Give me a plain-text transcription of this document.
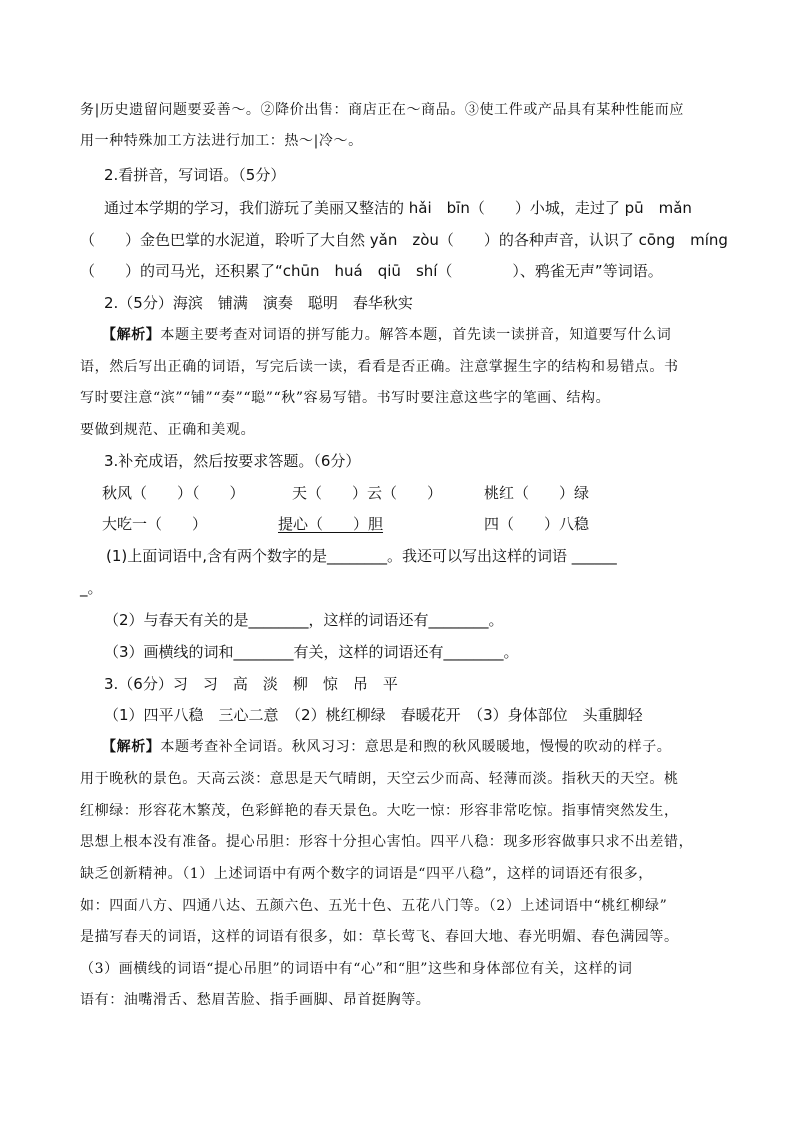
务|历史遗留问题要妥善～。②降价出售：商店正在～商品。③使工件或产品具有某种性能而应
用一种特殊加工方法进行加工：热～|冷～。
2.看拼音，写词语。（5分）
通过本学期的学习，我们游玩了美丽又整洁的 hǎi　bīn（　　）小城，走过了 pū　mǎn
（　　）金色巴掌的水泥道，聆听了大自然 yǎn　zòu（　　）的各种声音，认识了 cōng　míng
（　　）的司马光，还积累了“chūn　huá　qiū　shí（　　　　）、鸦雀无声”等词语。
2.（5分）海滨　铺满　演奏　聪明　春华秋实
【解析】本题主要考查对词语的拼写能力。解答本题，首先读一读拼音，知道要写什么词
语，然后写出正确的词语，写完后读一读，看看是否正确。注意掌握生字的结构和易错点。书
写时要注意“滨”“铺”“奏”“聪”“秋”容易写错。书写时要注意这些字的笔画、结构。
要做到规范、正确和美观。
3.补充成语，然后按要求答题。（6分）
秋风（　　）（　　）	天（　　）云（　　）	桃红（　　）绿
大吃一（　　）	提心（　　）胆	四（　　）八稳
(1)上面词语中,含有两个数字的是________。我还可以写出这样的词语 ______
_。
（2）与春天有关的是________，这样的词语还有________。
（3）画横线的词和________有关，这样的词语还有________。
3.（6分）习　习　高　淡　柳　惊　吊　平
（1）四平八稳　三心二意　（2）桃红柳绿　春暖花开　（3）身体部位　头重脚轻
【解析】本题考查补全词语。秋风习习：意思是和煦的秋风暖暖地，慢慢的吹动的样子。
用于晚秋的景色。天高云淡：意思是天气晴朗，天空云少而高、轻薄而淡。指秋天的天空。桃
红柳绿：形容花木繁茂，色彩鲜艳的春天景色。大吃一惊：形容非常吃惊。指事情突然发生，
思想上根本没有准备。提心吊胆：形容十分担心害怕。四平八稳：现多形容做事只求不出差错，
缺乏创新精神。（1）上述词语中有两个数字的词语是“四平八稳”，这样的词语还有很多，
如：四面八方、四通八达、五颜六色、五光十色、五花八门等。（2）上述词语中“桃红柳绿”
是描写春天的词语，这样的词语有很多，如：草长莺飞、春回大地、春光明媚、春色满园等。
（3）画横线的词语“提心吊胆”的词语中有“心”和“胆”这些和身体部位有关，这样的词
语有：油嘴滑舌、愁眉苦脸、指手画脚、昂首挺胸等。
